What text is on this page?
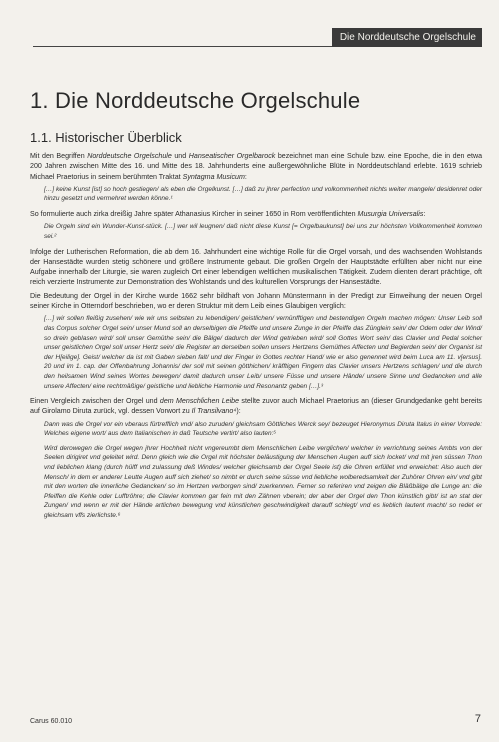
Die Norddeutsche Orgelschule
1. Die Norddeutsche Orgelschule
1.1. Historischer Überblick

Mit den Begriffen Norddeutsche Orgelschule und Hanseatischer Orgelbarock bezeichnet man eine Schule bzw. eine Epoche, die in den etwa 200 Jahren zwischen Mitte des 16. und Mitte des 18. Jahrhunderts eine außergewöhnliche Blüte in Norddeutschland erlebte. 1619 schrieb Michael Praetorius in seinem berühmten Traktat Syntagma Musicum:

[…] keine Kunst [ist] so hoch gestiegen/ als eben die Orgelkunst. […] daß zu jhrer perfection und volkommenheit nichts weiter mangele/ desidenret oder hinzu gesetzt und vermehret werden könne.¹

So formulierte auch zirka dreißig Jahre später Athanasius Kircher in seiner 1650 in Rom veröffentlichten Musurgia Universalis:

Die Orgeln sind ein Wunder-Kunst-stück. […] wer wil leugnen/ daß nicht diese Kunst [= Orgelbaukunst] bei uns zur höchsten Vollkommenheit kommen sei.²

Infolge der Lutherischen Reformation, die ab dem 16. Jahrhundert eine wichtige Rolle für die Orgel vorsah, und des wachsenden Wohlstands der Hansestädte wurden stetig schönere und größere Instrumente gebaut. Die großen Orgeln der Hauptstädte erfüllten aber nicht nur eine Aufgabe innerhalb der Liturgie, sie waren zugleich Ort einer lebendigen weltlichen musikalischen Tätigkeit. Zudem dienten derart prächtige, oft reich verzierte Instrumente zur Demonstration des Wohlstands und des kulturellen Vorsprungs der Hansestädte.

Die Bedeutung der Orgel in der Kirche wurde 1662 sehr bildhaft von Johann Münstermann in der Predigt zur Einweihung der neuen Orgel seiner Kirche in Otterndorf beschrieben, wo er deren Struktur mit dem Leib eines Glaubigen verglich:

[…] wir sollen fleißig zusehen/ wie wir uns selbsten zu lebendigen/ geistlichen/ vernünfftigen und bestendigen Orgeln machen mögen: Unser Leib soll das Corpus solcher Orgel sein/ unser Mund soll an derselbigen die Pfeiffe und unsere Zunge in der Pfeiffe das Zünglein sein/ der Odem oder der Wind/ so drein geblasen wird/ soll unser Gemüthe sein/ die Bälge/ dadurch der Wind getrieben wird/ soll Gottes Wort sein/ das Clavier und Pedal solcher unser geistlichen Orgel soll unser Hertz sein/ die Register an derselben sollen unsers Hertzens Gemüthes Affecten und Begierden sein/ der Organist ist der H[eilige]. Geist/ welcher da ist mit Gaben sieben falt/ und der Finger in Gottes rechter Hand/ wie er also genennet wird beim Luca am 11. v[ersus]. 20 und im 1. cap. der Offenbahrung Johannis/ der soll mit seinen götthichen/ kräfftigen Fingern das Clavier unsers Hertzens schlagen/ und die durch den heilsamen Wind seines Wortes bewegen/ damit dadurch unser Leib/ unsere Füsse und unsere Hände/ unsere Sinne und Gedancken und alle unsere Affecten/ eine rechtmäßige/ geistliche und liebliche Harmonie und Resonantz geben […].³

Einen Vergleich zwischen der Orgel und dem Menschlichen Leibe stellte zuvor auch Michael Praetorius an (dieser Grundgedanke geht bereits auf Girolamo Diruta zurück, vgl. dessen Vorwort zu Il Transilvano⁴):

Dann was die Orgel vor ein vberaus fürtrefflich vnd/ also zuruden/ gleichsam Göttliches Werck sey/ bezeuget Hieronymus Diruta Italus in einer Vorrede: Welches eigene wort/ aus dem Italianischen in daß Teutsche vertirt/ also lauten:⁵

Wird derowegen die Orgel wegen jhrer Hochheit nicht vngereumbt dem Menschlichen Leibe verglichen/ welcher in verrichtung seines Ambts von der Seelen dirigiret vnd geleitet wird. Denn gleich wie die Orgel mit höchster beläustigung der Menschen Augen auff sich locket/ vnd mit jren süssen Thon vnd lieblichen klang (durch hülff vnd zulassung deß Windes/ welcher gleichsamb der Orgel Seele ist) die Ohren erfüllet vnd erweichet: Also auch der Mensch/ in dem er anderer Leutte Augen auff sich ziehet/ so nimbt er durch seine süsse vnd liebliche wolberedsamkeit der Zuhörer Ohren ein/ vnd gibt mit den worten die innerliche Gedancken/ so im Hertzen verborgen sind/ zuerkennen. Ferner so referiren vnd zeigen die Bläßbälge die Lunge an: die Pfeiffen die Kehle oder Lufftröhre; die Clavier kommen gar fein mit den Zähnen vberein; der aber der Orgel den Thon künstlich gibt/ ist an stat der Zungen/ vnd wenn er mit der Hände artlichen bewegung vnd künstlichen geschwindigkeit darauff schlegt/ vnd es lieblich lautent macht/ so redet er gleichsam vffs zierlichste.⁶

Carus 60.010	7
